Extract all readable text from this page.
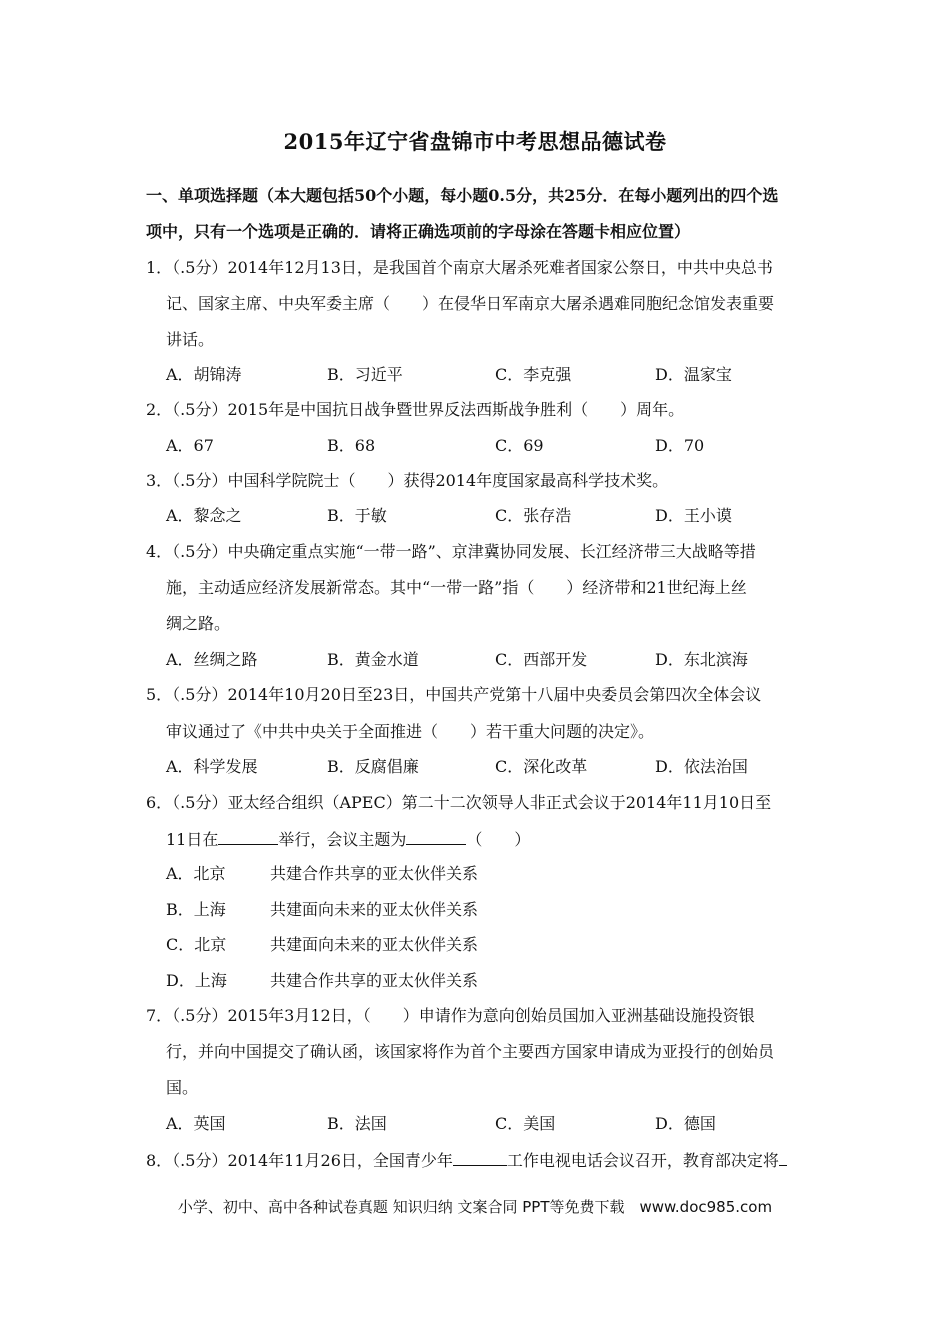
2015年辽宁省盘锦市中考思想品德试卷
一、单项选择题（本大题包括50个小题，每小题0.5分，共25分．在每小题列出的四个选
项中，只有一个选项是正确的．请将正确选项前的字母涂在答题卡相应位置）
1．（.5分）2014年12月13日，是我国首个南京大屠杀死难者国家公祭日，中共中央总书
记、国家主席、中央军委主席（　　）在侵华日军南京大屠杀遇难同胞纪念馆发表重要
讲话。
A．胡锦涛	B．习近平	C．李克强	D．温家宝
2．（.5分）2015年是中国抗日战争暨世界反法西斯战争胜利（　　）周年。
A．67	B．68	C．69	D．70
3．（.5分）中国科学院院士（　　）获得2014年度国家最高科学技术奖。
A．黎念之	B．于敏	C．张存浩	D．王小谟
4．（.5分）中央确定重点实施“一带一路”、京津冀协同发展、长江经济带三大战略等措
施，主动适应经济发展新常态。其中“一带一路”指（　　）经济带和21世纪海上丝
绸之路。
A．丝绸之路	B．黄金水道	C．西部开发	D．东北滨海
5．（.5分）2014年10月20日至23日，中国共产党第十八届中央委员会第四次全体会议
审议通过了《中共中央关于全面推进（　　）若干重大问题的决定》。
A．科学发展	B．反腐倡廉	C．深化改革	D．依法治国
6．（.5分）亚太经合组织（APEC）第二十二次领导人非正式会议于2014年11月10日至
11日在	举行，会议主题为	（　　）
A．北京	共建合作共享的亚太伙伴关系
B．上海	共建面向未来的亚太伙伴关系
C．北京	共建面向未来的亚太伙伴关系
D．上海	共建合作共享的亚太伙伴关系
7．（.5分）2015年3月12日，（　　）申请作为意向创始员国加入亚洲基础设施投资银
行，并向中国提交了确认函，该国家将作为首个主要西方国家申请成为亚投行的创始员
国。
A．英国	B．法国	C．美国	D．德国
8．（.5分）2014年11月26日，全国青少年	工作电视电话会议召开，教育部决定将
小学、初中、高中各种试卷真题 知识归纳 文案合同 PPT等免费下载　www.doc985.com
